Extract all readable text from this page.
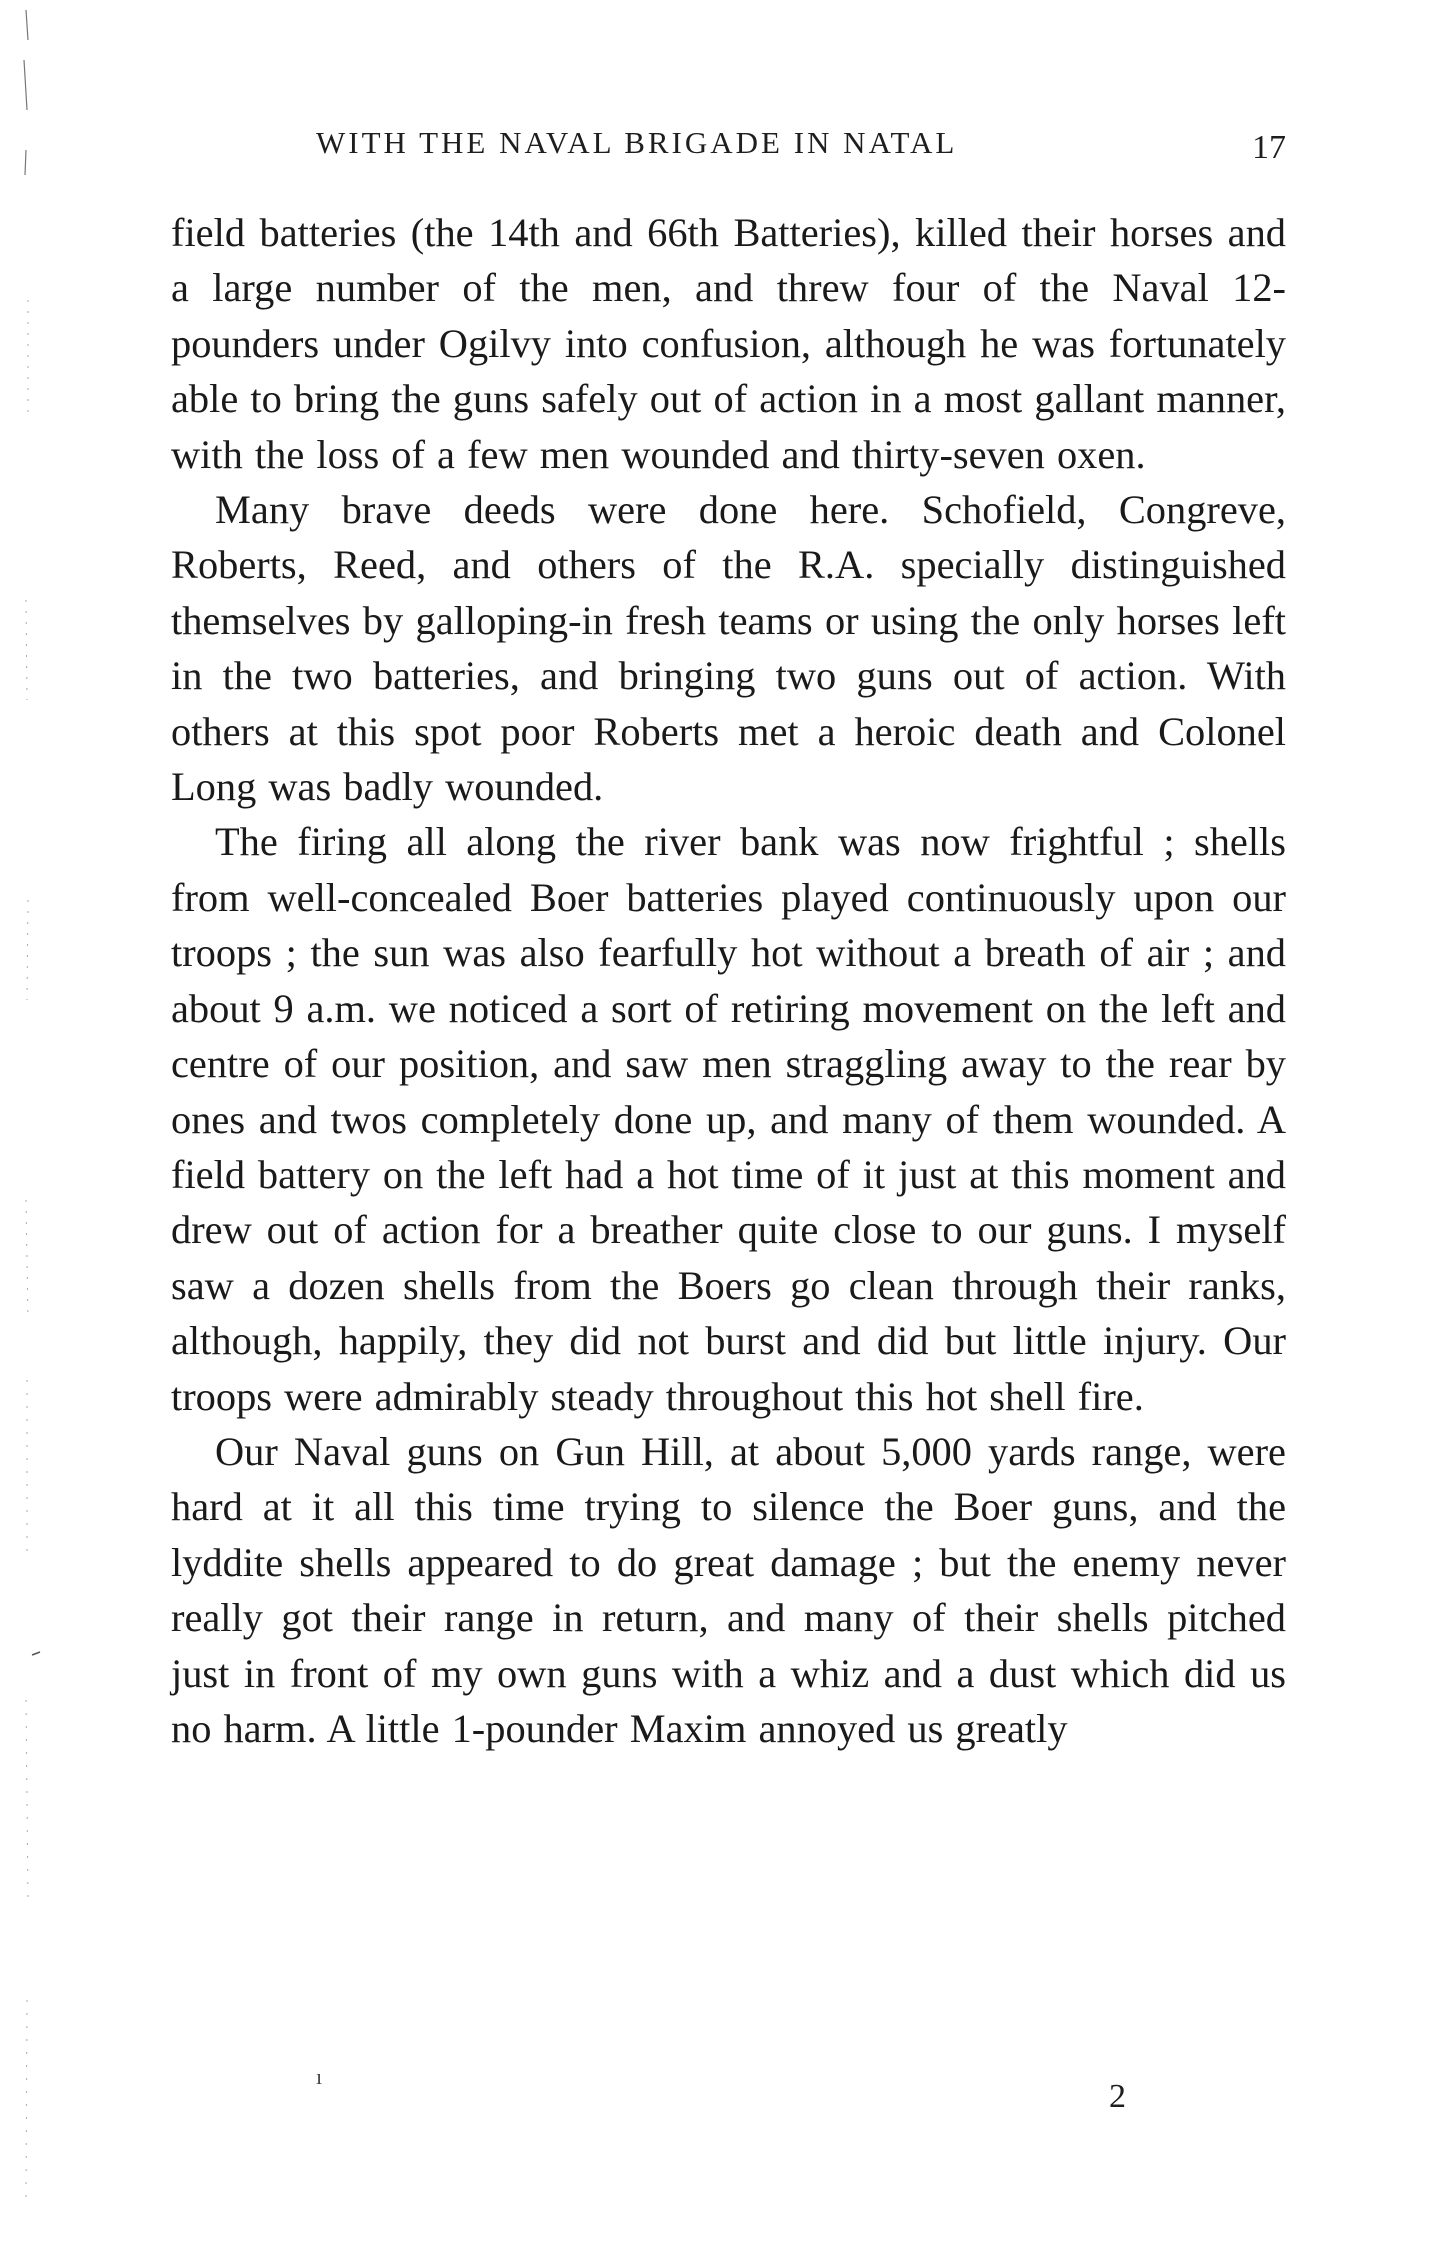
WITH THE NAVAL BRIGADE IN NATAL	17

field batteries (the 14th and 66th Batteries), killed their horses and a large number of the men, and threw four of the Naval 12-pounders under Ogilvy into confusion, although he was fortunately able to bring the guns safely out of action in a most gallant manner, with the loss of a few men wounded and thirty-seven oxen.

Many brave deeds were done here. Schofield, Congreve, Roberts, Reed, and others of the R.A. specially distinguished themselves by galloping-in fresh teams or using the only horses left in the two batteries, and bringing two guns out of action. With others at this spot poor Roberts met a heroic death and Colonel Long was badly wounded.

The firing all along the river bank was now frightful ; shells from well-concealed Boer batteries played continuously upon our troops ; the sun was also fearfully hot without a breath of air ; and about 9 a.m. we noticed a sort of retiring movement on the left and centre of our position, and saw men straggling away to the rear by ones and twos completely done up, and many of them wounded. A field battery on the left had a hot time of it just at this moment and drew out of action for a breather quite close to our guns. I myself saw a dozen shells from the Boers go clean through their ranks, although, happily, they did not burst and did but little injury. Our troops were admirably steady throughout this hot shell fire.

Our Naval guns on Gun Hill, at about 5,000 yards range, were hard at it all this time trying to silence the Boer guns, and the lyddite shells appeared to do great damage ; but the enemy never really got their range in return, and many of their shells pitched just in front of my own guns with a whiz and a dust which did us no harm. A little 1-pounder Maxim annoyed us greatly

ı
2
